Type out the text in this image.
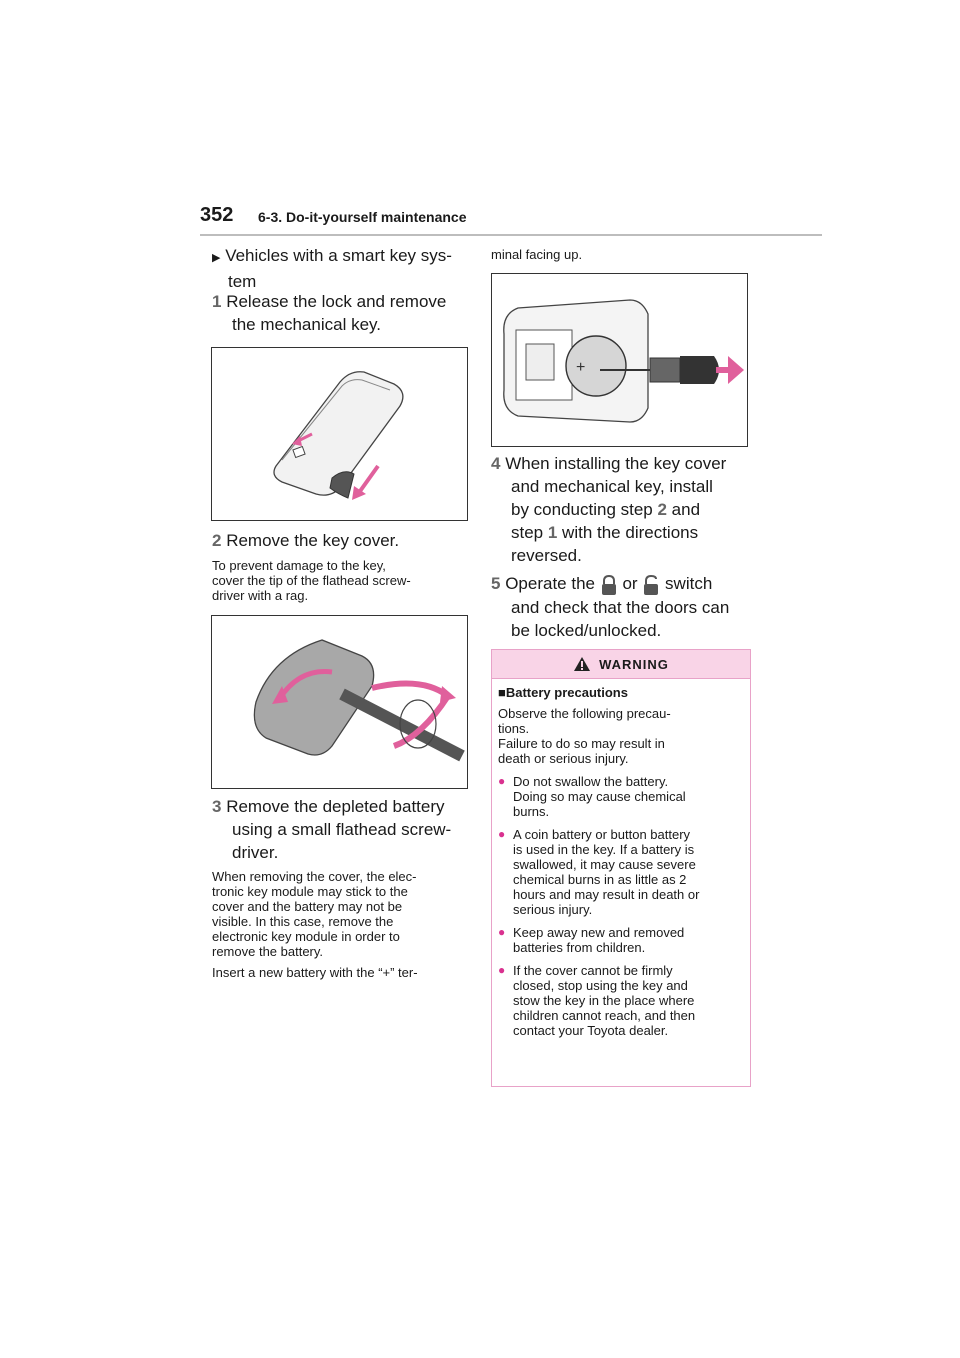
352 6-3. Do-it-yourself maintenance
▶ Vehicles with a smart key sys-
tem
1 Release the lock and remove
the mechanical key.
2 Remove the key cover.
To prevent damage to the key,
cover the tip of the flathead screw-
driver with a rag.
3 Remove the depleted battery
using a small flathead screw-
driver.
When removing the cover, the elec-
tronic key module may stick to the
cover and the battery may not be
visible. In this case, remove the
electronic key module in order to
remove the battery.
Insert a new battery with the “+” ter-
minal facing up.
+
4 When installing the key cover
and mechanical key, install
by conducting step 2 and
step 1 with the directions
reversed.
5 Operate the or switch
and check that the doors can
be locked/unlocked.
WARNING

■Battery precautions

Observe the following precau-
tions.
Failure to do so may result in
death or serious injury.

● Do not swallow the battery.
Doing so may cause chemical
burns.
● A coin battery or button battery
is used in the key. If a battery is
swallowed, it may cause severe
chemical burns in as little as 2
hours and may result in death or
serious injury.
● Keep away new and removed
batteries from children.
● If the cover cannot be firmly
closed, stop using the key and
stow the key in the place where
children cannot reach, and then
contact your Toyota dealer.
